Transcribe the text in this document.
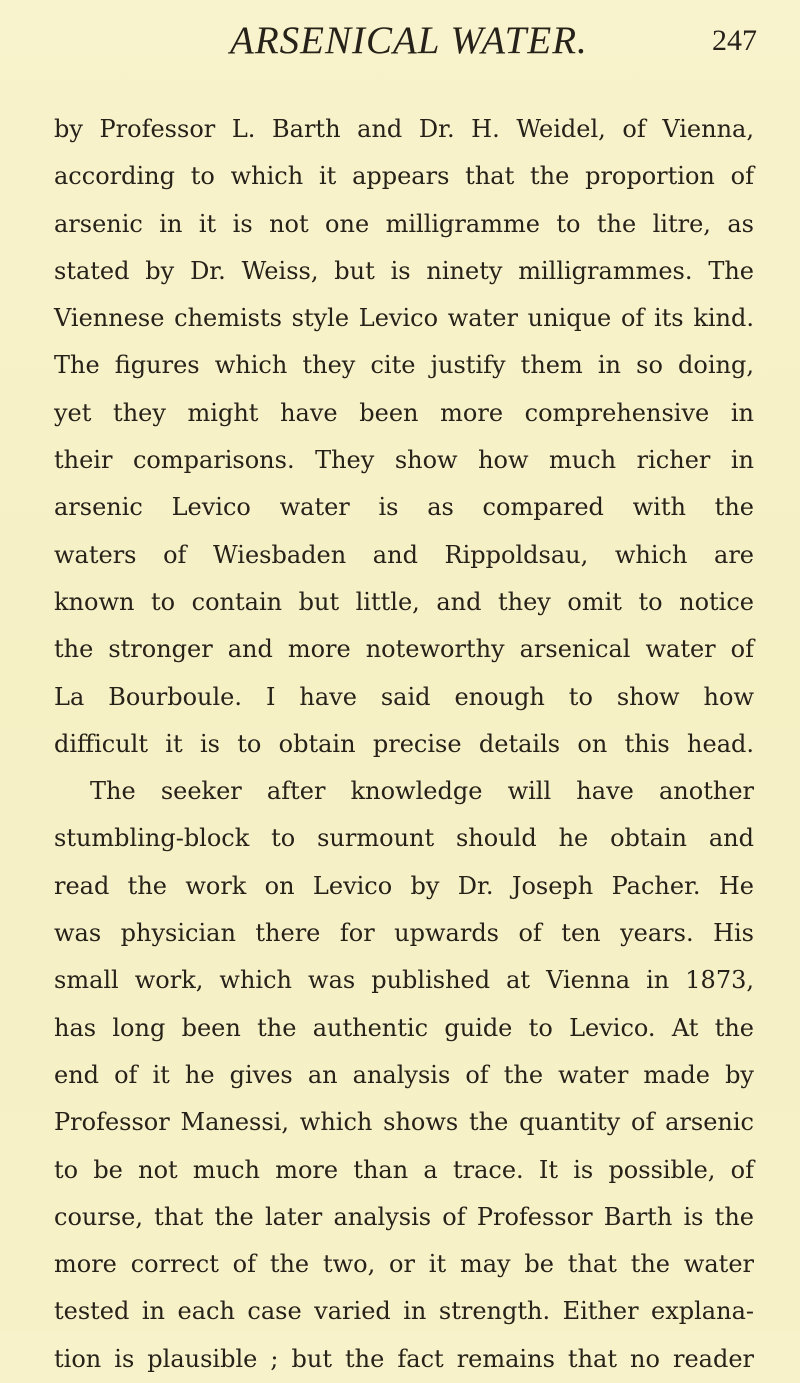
ARSENICAL WATER.	247
by Professor L. Barth and Dr. H. Weidel, of Vienna,
according to which it appears that the proportion of
arsenic in it is not one milligramme to the litre, as
stated by Dr. Weiss, but is ninety milligrammes. The
Viennese chemists style Levico water unique of its kind.
The figures which they cite justify them in so doing,
yet they might have been more comprehensive in
their comparisons. They show how much richer in
arsenic Levico water is as compared with the
waters of Wiesbaden and Rippoldsau, which are
known to contain but little, and they omit to notice
the stronger and more noteworthy arsenical water of
La Bourboule. I have said enough to show how
difficult it is to obtain precise details on this head.
The seeker after knowledge will have another
stumbling-block to surmount should he obtain and
read the work on Levico by Dr. Joseph Pacher. He
was physician there for upwards of ten years. His
small work, which was published at Vienna in 1873,
has long been the authentic guide to Levico. At the
end of it he gives an analysis of the water made by
Professor Manessi, which shows the quantity of arsenic
to be not much more than a trace. It is possible, of
course, that the later analysis of Professor Barth is the
more correct of the two, or it may be that the water
tested in each case varied in strength. Either explana-
tion is plausible ; but the fact remains that no reader
